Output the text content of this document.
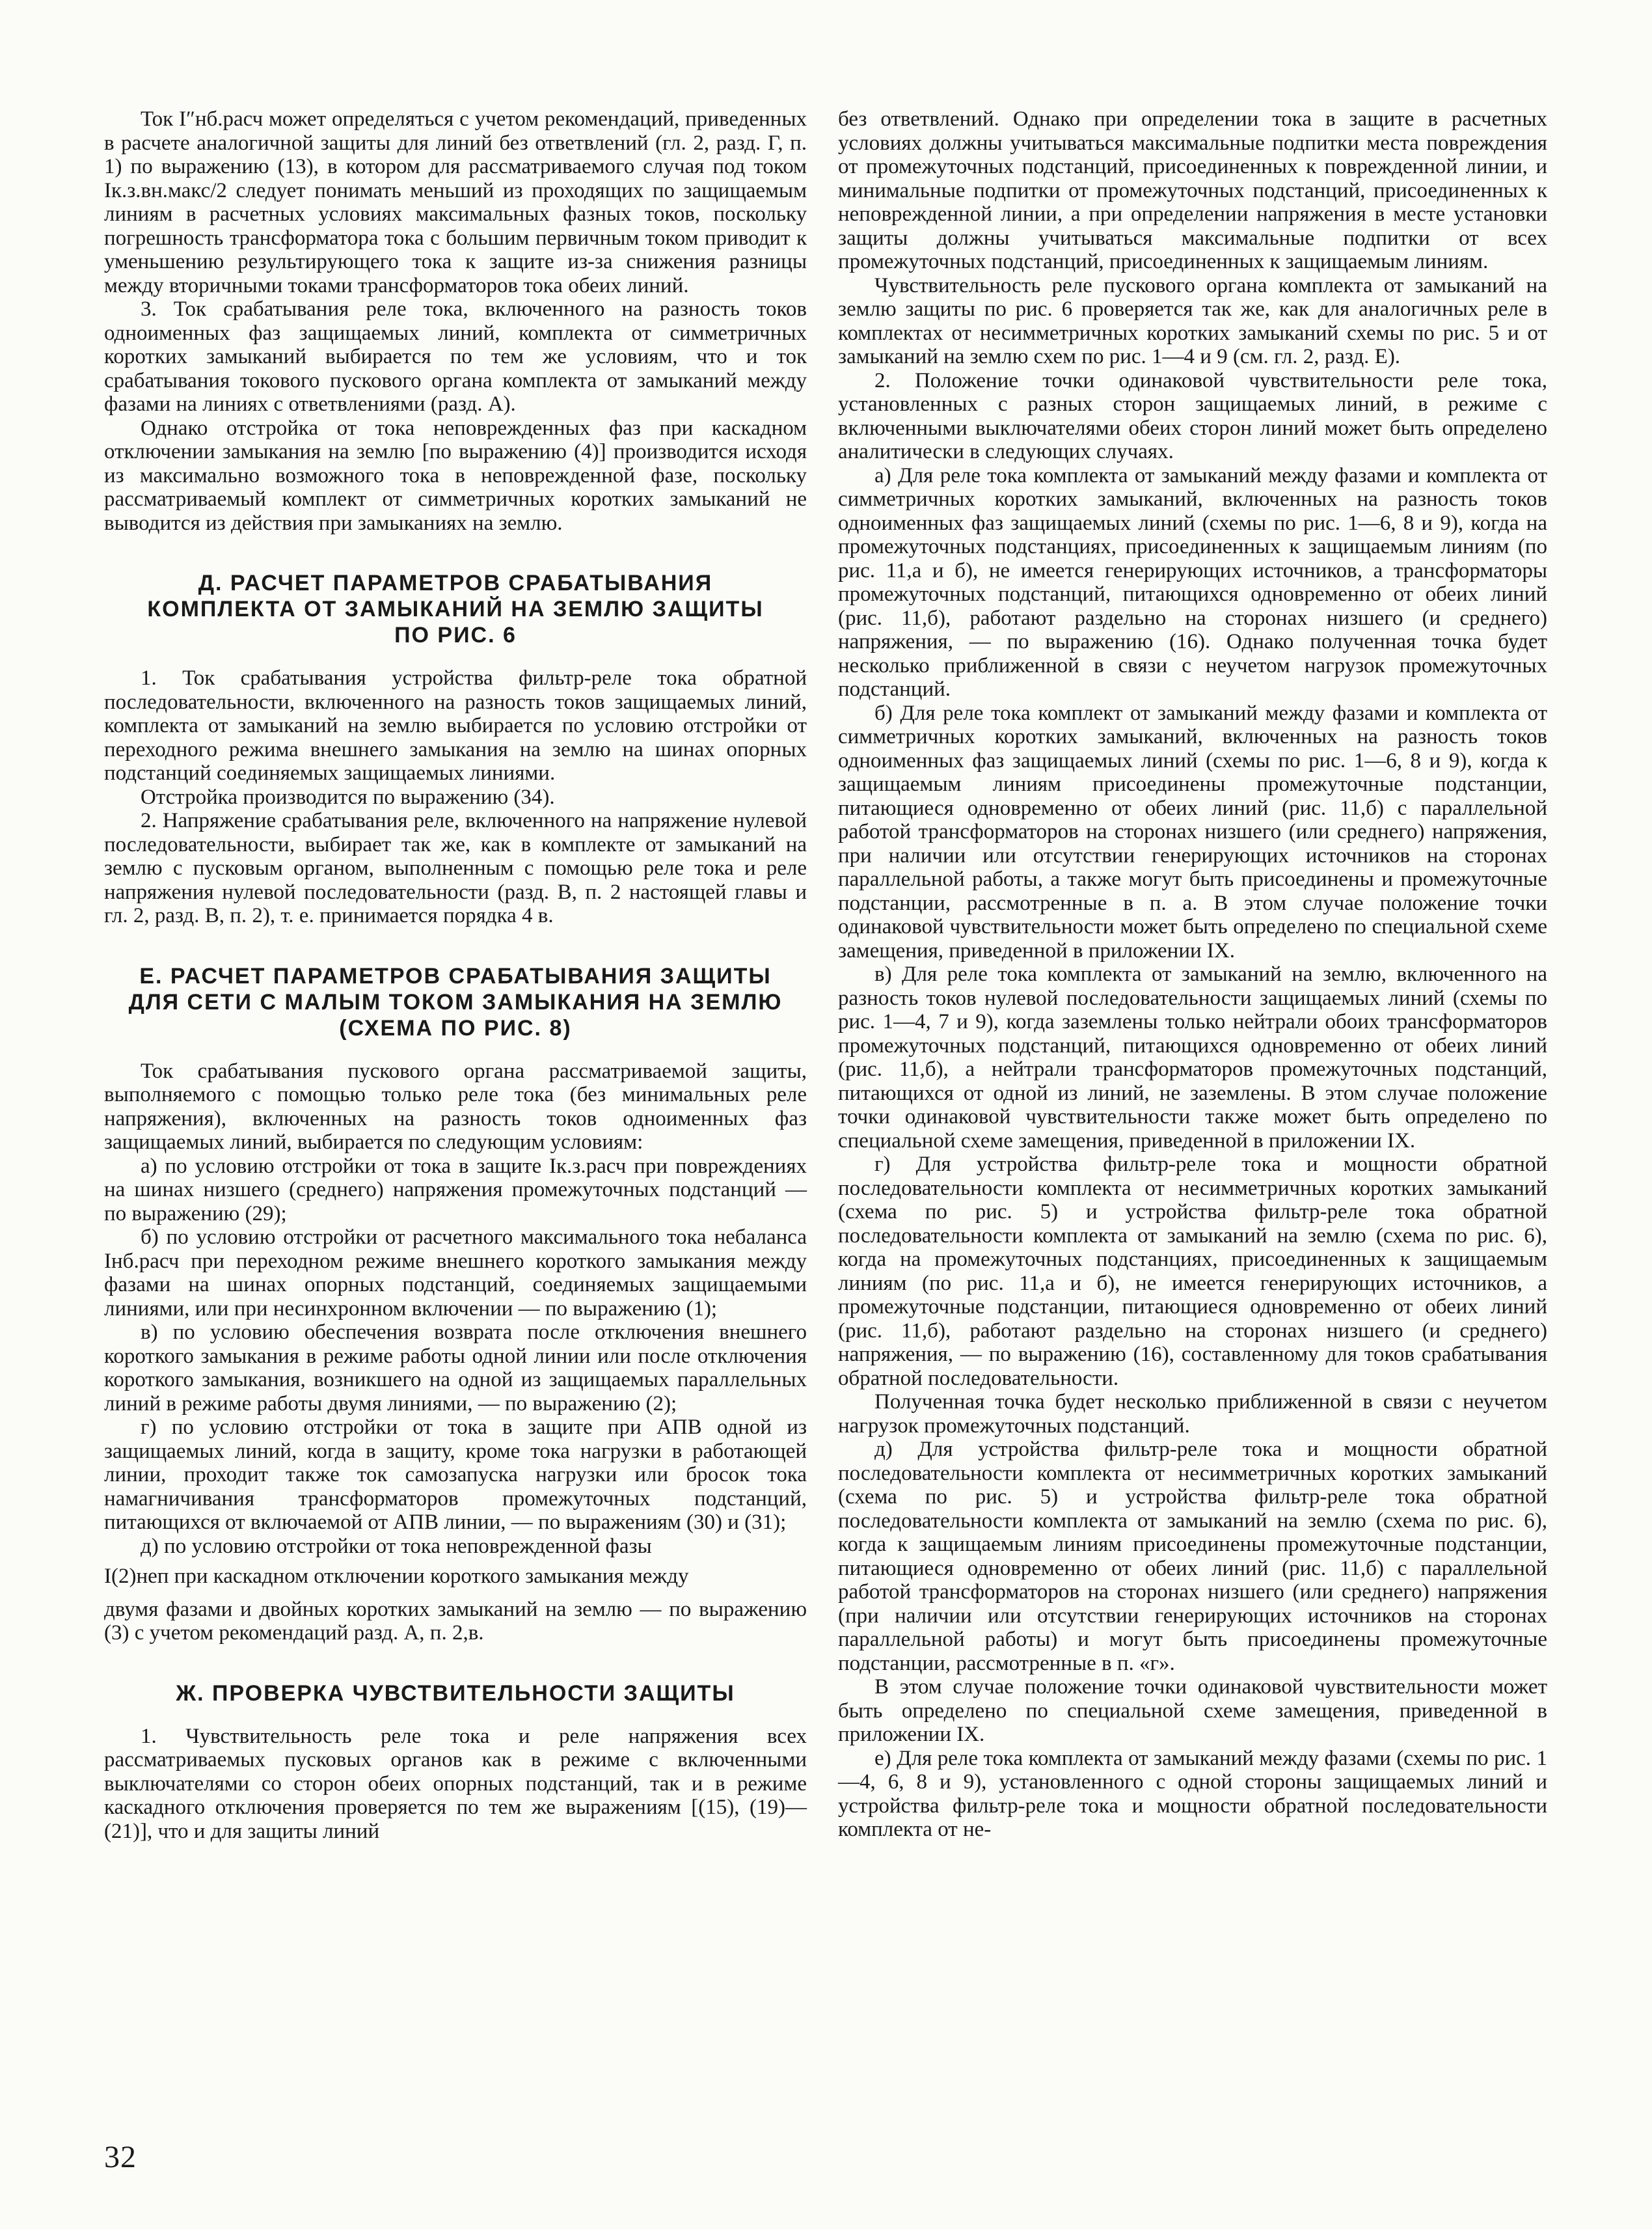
Ток I″нб.расч может определяться с учетом рекомендаций, приведенных в расчете аналогичной защиты для линий без ответвлений (гл. 2, разд. Г, п. 1) по выражению (13), в котором для рассматриваемого случая под током Iк.з.вн.макс/2 следует понимать меньший из проходящих по защищаемым линиям в расчетных условиях максимальных фазных токов, поскольку погрешность трансформатора тока с большим первичным током приводит к уменьшению результирующего тока к защите из-за снижения разницы между вторичными токами трансформаторов тока обеих линий.

3. Ток срабатывания реле тока, включенного на разность токов одноименных фаз защищаемых линий, комплекта от симметричных коротких замыканий выбирается по тем же условиям, что и ток срабатывания токового пускового органа комплекта от замыканий между фазами на линиях с ответвлениями (разд. А).

Однако отстройка от тока неповрежденных фаз при каскадном отключении замыкания на землю [по выражению (4)] производится исходя из максимально возможного тока в неповрежденной фазе, поскольку рассматриваемый комплект от симметричных коротких замыканий не выводится из действия при замыканиях на землю.

Д. РАСЧЕТ ПАРАМЕТРОВ СРАБАТЫВАНИЯ
КОМПЛЕКТА ОТ ЗАМЫКАНИЙ НА ЗЕМЛЮ ЗАЩИТЫ
ПО РИС. 6

1. Ток срабатывания устройства фильтр-реле тока обратной последовательности, включенного на разность токов защищаемых линий, комплекта от замыканий на землю выбирается по условию отстройки от переходного режима внешнего замыкания на землю на шинах опорных подстанций соединяемых защищаемых линиями.

Отстройка производится по выражению (34).

2. Напряжение срабатывания реле, включенного на напряжение нулевой последовательности, выбирает так же, как в комплекте от замыканий на землю с пусковым органом, выполненным с помощью реле тока и реле напряжения нулевой последовательности (разд. В, п. 2 настоящей главы и гл. 2, разд. В, п. 2), т. е. принимается порядка 4 в.

Е. РАСЧЕТ ПАРАМЕТРОВ СРАБАТЫВАНИЯ ЗАЩИТЫ
ДЛЯ СЕТИ С МАЛЫМ ТОКОМ ЗАМЫКАНИЯ НА ЗЕМЛЮ
(СХЕМА ПО РИС. 8)

Ток срабатывания пускового органа рассматриваемой защиты, выполняемого с помощью только реле тока (без минимальных реле напряжения), включенных на разность токов одноименных фаз защищаемых линий, выбирается по следующим условиям:

а) по условию отстройки от тока в защите Iк.з.расч при повреждениях на шинах низшего (среднего) напряжения промежуточных подстанций — по выражению (29);

б) по условию отстройки от расчетного максимального тока небаланса Iнб.расч при переходном режиме внешнего короткого замыкания между фазами на шинах опорных подстанций, соединяемых защищаемыми линиями, или при несинхронном включении — по выражению (1);

в) по условию обеспечения возврата после отключения внешнего короткого замыкания в режиме работы одной линии или после отключения короткого замыкания, возникшего на одной из защищаемых параллельных линий в режиме работы двумя линиями, — по выражению (2);

г) по условию отстройки от тока в защите при АПВ одной из защищаемых линий, когда в защиту, кроме тока нагрузки в работающей линии, проходит также ток самозапуска нагрузки или бросок тока намагничивания трансформаторов промежуточных подстанций, питающихся от включаемой от АПВ линии, — по выражениям (30) и (31);

д) по условию отстройки от тока неповрежденной фазы

I(2)неп при каскадном отключении короткого замыкания между

двумя фазами и двойных коротких замыканий на землю — по выражению (3) с учетом рекомендаций разд. А, п. 2,в.

Ж. ПРОВЕРКА ЧУВСТВИТЕЛЬНОСТИ ЗАЩИТЫ

1. Чувствительность реле тока и реле напряжения всех рассматриваемых пусковых органов как в режиме с включенными выключателями со сторон обеих опорных подстанций, так и в режиме каскадного отключения проверяется по тем же выражениям [(15), (19)—(21)], что и для защиты линий

без ответвлений. Однако при определении тока в защите в расчетных условиях должны учитываться максимальные подпитки места повреждения от промежуточных подстанций, присоединенных к поврежденной линии, и минимальные подпитки от промежуточных подстанций, присоединенных к неповрежденной линии, а при определении напряжения в месте установки защиты должны учитываться максимальные подпитки от всех промежуточных подстанций, присоединенных к защищаемым линиям.

Чувствительность реле пускового органа комплекта от замыканий на землю защиты по рис. 6 проверяется так же, как для аналогичных реле в комплектах от несимметричных коротких замыканий схемы по рис. 5 и от замыканий на землю схем по рис. 1—4 и 9 (см. гл. 2, разд. Е).

2. Положение точки одинаковой чувствительности реле тока, установленных с разных сторон защищаемых линий, в режиме с включенными выключателями обеих сторон линий может быть определено аналитически в следующих случаях.

а) Для реле тока комплекта от замыканий между фазами и комплекта от симметричных коротких замыканий, включенных на разность токов одноименных фаз защищаемых линий (схемы по рис. 1—6, 8 и 9), когда на промежуточных подстанциях, присоединенных к защищаемым линиям (по рис. 11,а и б), не имеется генерирующих источников, а трансформаторы промежуточных подстанций, питающихся одновременно от обеих линий (рис. 11,б), работают раздельно на сторонах низшего (и среднего) напряжения, — по выражению (16). Однако полученная точка будет несколько приближенной в связи с неучетом нагрузок промежуточных подстанций.

б) Для реле тока комплект от замыканий между фазами и комплекта от симметричных коротких замыканий, включенных на разность токов одноименных фаз защищаемых линий (схемы по рис. 1—6, 8 и 9), когда к защищаемым линиям присоединены промежуточные подстанции, питающиеся одновременно от обеих линий (рис. 11,б) с параллельной работой трансформаторов на сторонах низшего (или среднего) напряжения, при наличии или отсутствии генерирующих источников на сторонах параллельной работы, а также могут быть присоединены и промежуточные подстанции, рассмотренные в п. а. В этом случае положение точки одинаковой чувствительности может быть определено по специальной схеме замещения, приведенной в приложении IX.

в) Для реле тока комплекта от замыканий на землю, включенного на разность токов нулевой последовательности защищаемых линий (схемы по рис. 1—4, 7 и 9), когда заземлены только нейтрали обоих трансформаторов промежуточных подстанций, питающихся одновременно от обеих линий (рис. 11,б), а нейтрали трансформаторов промежуточных подстанций, питающихся от одной из линий, не заземлены. В этом случае положение точки одинаковой чувствительности также может быть определено по специальной схеме замещения, приведенной в приложении IX.

г) Для устройства фильтр-реле тока и мощности обратной последовательности комплекта от несимметричных коротких замыканий (схема по рис. 5) и устройства фильтр-реле тока обратной последовательности комплекта от замыканий на землю (схема по рис. 6), когда на промежуточных подстанциях, присоединенных к защищаемым линиям (по рис. 11,а и б), не имеется генерирующих источников, а промежуточные подстанции, питающиеся одновременно от обеих линий (рис. 11,б), работают раздельно на сторонах низшего (и среднего) напряжения, — по выражению (16), составленному для токов срабатывания обратной последовательности.

Полученная точка будет несколько приближенной в связи с неучетом нагрузок промежуточных подстанций.

д) Для устройства фильтр-реле тока и мощности обратной последовательности комплекта от несимметричных коротких замыканий (схема по рис. 5) и устройства фильтр-реле тока обратной последовательности комплекта от замыканий на землю (схема по рис. 6), когда к защищаемым линиям присоединены промежуточные подстанции, питающиеся одновременно от обеих линий (рис. 11,б) с параллельной работой трансформаторов на сторонах низшего (или среднего) напряжения (при наличии или отсутствии генерирующих источников на сторонах параллельной работы) и могут быть присоединены промежуточные подстанции, рассмотренные в п. «г».

В этом случае положение точки одинаковой чувствительности может быть определено по специальной схеме замещения, приведенной в приложении IX.

е) Для реле тока комплекта от замыканий между фазами (схемы по рис. 1—4, 6, 8 и 9), установленного с одной стороны защищаемых линий и устройства фильтр-реле тока и мощности обратной последовательности комплекта от не-

32
